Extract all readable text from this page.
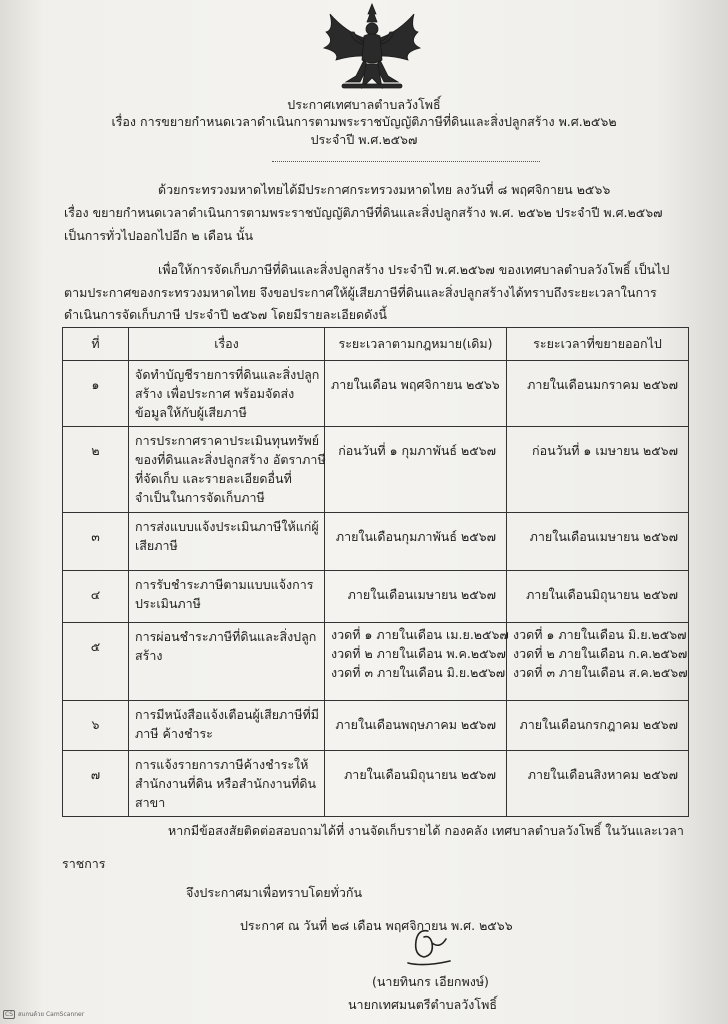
ประกาศเทศบาลตำบลวังโพธิ์
เรื่อง การขยายกำหนดเวลาดำเนินการตามพระราชบัญญัติภาษีที่ดินและสิ่งปลูกสร้าง พ.ศ.๒๕๖๒
ประจำปี พ.ศ.๒๕๖๗
ด้วยกระทรวงมหาดไทยได้มีประกาศกระทรวงมหาดไทย ลงวันที่ ๘ พฤศจิกายน ๒๕๖๖
เรื่อง ขยายกำหนดเวลาดำเนินการตามพระราชบัญญัติภาษีที่ดินและสิ่งปลูกสร้าง พ.ศ. ๒๕๖๒ ประจำปี พ.ศ.๒๕๖๗
เป็นการทั่วไปออกไปอีก ๒ เดือน นั้น
เพื่อให้การจัดเก็บภาษีที่ดินและสิ่งปลูกสร้าง ประจำปี พ.ศ.๒๕๖๗ ของเทศบาลตำบลวังโพธิ์ เป็นไป
ตามประกาศของกระทรวงมหาดไทย จึงขอประกาศให้ผู้เสียภาษีที่ดินและสิ่งปลูกสร้างได้ทราบถึงระยะเวลาในการ
ดำเนินการจัดเก็บภาษี ประจำปี ๒๕๖๗ โดยมีรายละเอียดดังนี้
ที่	เรื่อง	ระยะเวลาตามกฎหมาย(เดิม)	ระยะเวลาที่ขยายออกไป
๑	จัดทำบัญชีรายการที่ดินและสิ่งปลูก
สร้าง เพื่อประกาศ พร้อมจัดส่ง
ข้อมูลให้กับผู้เสียภาษี	ภายในเดือน พฤศจิกายน ๒๕๖๖	ภายในเดือนมกราคม ๒๕๖๗

๒	การประกาศราคาประเมินทุนทรัพย์
ของที่ดินและสิ่งปลูกสร้าง อัตราภาษี
ที่จัดเก็บ และรายละเอียดอื่นที่
จำเป็นในการจัดเก็บภาษี	ก่อนวันที่ ๑ กุมภาพันธ์ ๒๕๖๗	ก่อนวันที่ ๑ เมษายน ๒๕๖๗

๓	การส่งแบบแจ้งประเมินภาษีให้แก่ผู้
เสียภาษี	ภายในเดือนกุมภาพันธ์ ๒๕๖๗	ภายในเดือนเมษายน ๒๕๖๗

๔	การรับชำระภาษีตามแบบแจ้งการ
ประเมินภาษี	ภายในเดือนเมษายน ๒๕๖๗	ภายในเดือนมิถุนายน ๒๕๖๗

๕	การผ่อนชำระภาษีที่ดินและสิ่งปลูก
สร้าง	งวดที่ ๑ ภายในเดือน เม.ย.๒๕๖๗
งวดที่ ๒ ภายในเดือน พ.ค.๒๕๖๗
งวดที่ ๓ ภายในเดือน มิ.ย.๒๕๖๗	งวดที่ ๑ ภายในเดือน มิ.ย.๒๕๖๗
งวดที่ ๒ ภายในเดือน ก.ค.๒๕๖๗
งวดที่ ๓ ภายในเดือน ส.ค.๒๕๖๗

๖	การมีหนังสือแจ้งเตือนผู้เสียภาษีที่มี
ภาษี ค้างชำระ	ภายในเดือนพฤษภาคม ๒๕๖๗	ภายในเดือนกรกฎาคม ๒๕๖๗

๗	การแจ้งรายการภาษีค้างชำระให้
สำนักงานที่ดิน หรือสำนักงานที่ดิน
สาขา	ภายในเดือนมิถุนายน ๒๕๖๗	ภายในเดือนสิงหาคม ๒๕๖๗
หากมีข้อสงสัยติดต่อสอบถามได้ที่ งานจัดเก็บรายได้ กองคลัง เทศบาลตำบลวังโพธิ์ ในวันและเวลา
ราชการ
จึงประกาศมาเพื่อทราบโดยทั่วกัน
ประกาศ ณ วันที่ ๒๘ เดือน พฤศจิกายน พ.ศ. ๒๕๖๖
(นายทินกร เอียกพงษ์)
นายกเทศมนตรีตำบลวังโพธิ์
CS สแกนด้วย CamScanner
